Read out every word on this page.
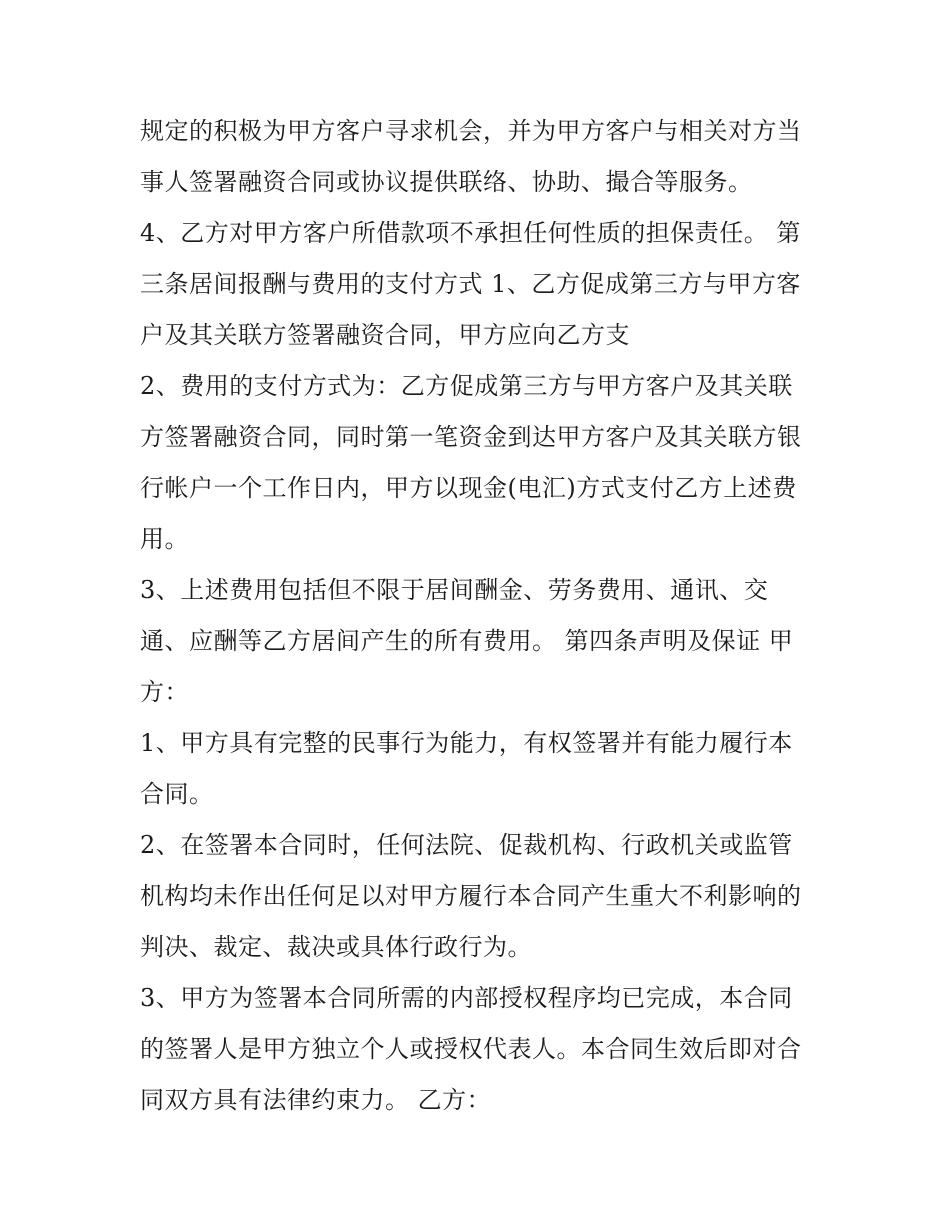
规定的积极为甲方客户寻求机会，并为甲方客户与相关对方当
事人签署融资合同或协议提供联络、协助、撮合等服务。
4、乙方对甲方客户所借款项不承担任何性质的担保责任。 第
三条居间报酬与费用的支付方式 1、乙方促成第三方与甲方客
户及其关联方签署融资合同，甲方应向乙方支
2、费用的支付方式为：乙方促成第三方与甲方客户及其关联
方签署融资合同，同时第一笔资金到达甲方客户及其关联方银
行帐户一个工作日内，甲方以现金(电汇)方式支付乙方上述费
用。
3、上述费用包括但不限于居间酬金、劳务费用、通讯、交
通、应酬等乙方居间产生的所有费用。 第四条声明及保证 甲
方：
1、甲方具有完整的民事行为能力，有权签署并有能力履行本
合同。
2、在签署本合同时，任何法院、促裁机构、行政机关或监管
机构均未作出任何足以对甲方履行本合同产生重大不利影响的
判决、裁定、裁决或具体行政行为。
3、甲方为签署本合同所需的内部授权程序均已完成，本合同
的签署人是甲方独立个人或授权代表人。本合同生效后即对合
同双方具有法律约束力。 乙方：
